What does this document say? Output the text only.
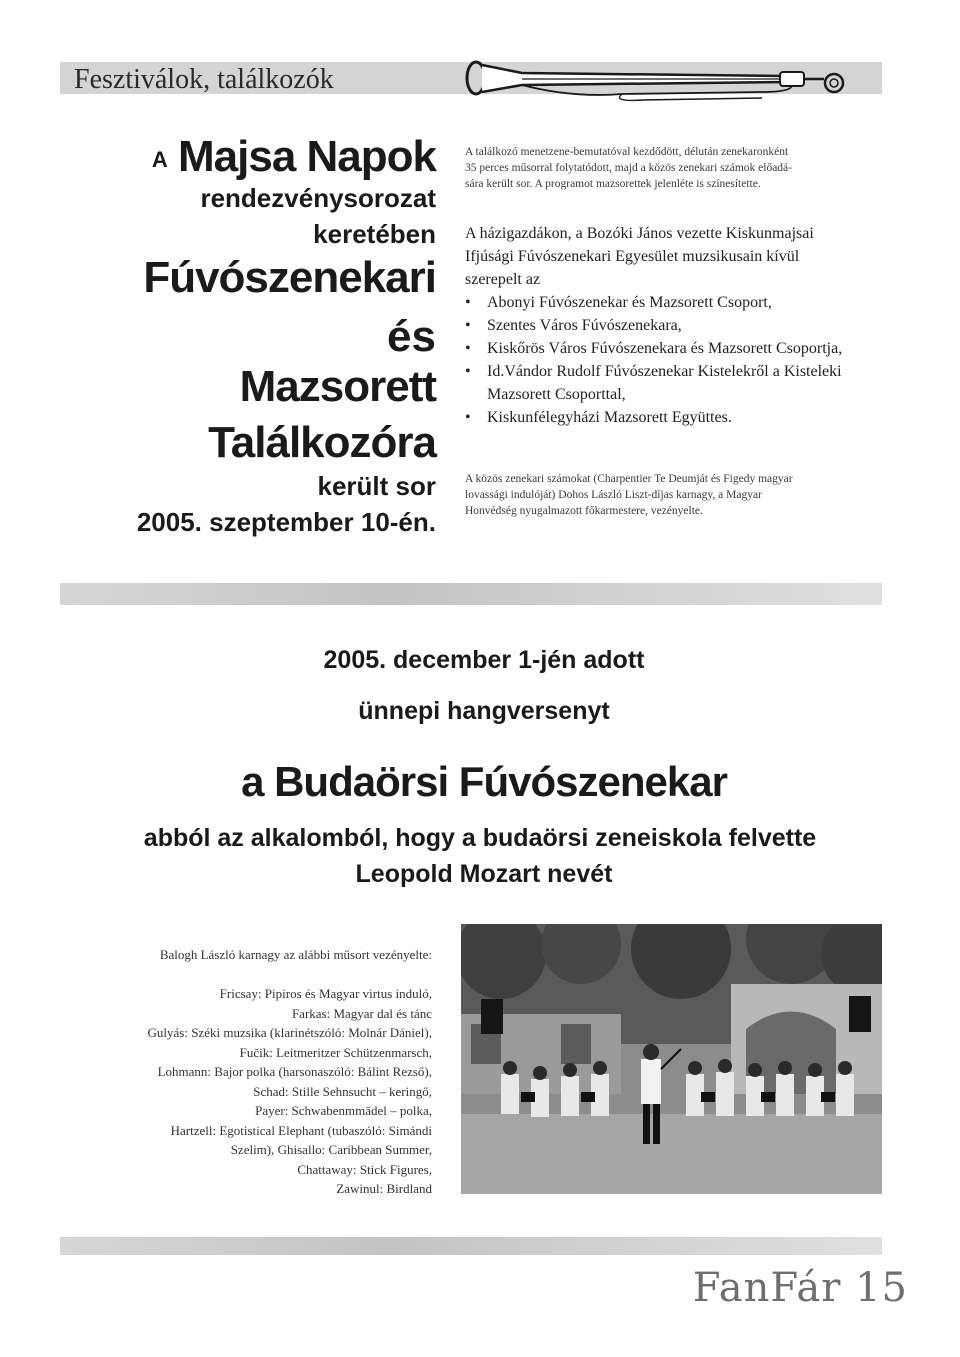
Fesztiválok, találkozók
A Majsa Napok
rendezvénysorozat
keretében
Fúvószenekari
és
Mazsorett
Találkozóra
került sor
2005. szeptember 10-én.
A találkozó menetzene-bemutatóval kezdődött, délután zenekaronként
35 perces műsorral folytatódott, majd a közös zenekari számok előadá-
sára került sor. A programot mazsorettek jelenléte is színesítette.
A házigazdákon, a Bozóki János vezette Kiskunmajsai
Ifjúsági Fúvószenekari Egyesület muzsikusain kívül
szerepelt az
• Abonyi Fúvószenekar és Mazsorett Csoport,
• Szentes Város Fúvószenekara,
• Kiskőrös Város Fúvószenekara és Mazsorett Csoportja,
• Id.Vándor Rudolf Fúvószenekar Kistelekről a Kisteleki Mazsorett Csoporttal,
• Kiskunfélegyházi Mazsorett Együttes.
A közös zenekari számokat (Charpentier Te Deumját és Figedy magyar
lovassági indulóját) Dohos László Liszt-díjas karnagy, a Magyar
Honvédség nyugalmazott főkarmestere, vezényelte.
2005. december 1-jén adott
ünnepi hangversenyt
a Budaörsi Fúvószenekar
abból az alkalomból, hogy a budaörsi zeneiskola felvette
Leopold Mozart nevét
Balogh László karnagy az alábbi műsort vezényelte:
Fricsay: Pipiros és Magyar virtus induló,
Farkas: Magyar dal és tánc
Gulyás: Széki muzsika (klarinétszóló: Molnár Dániel),
Fučik: Leitmeritzer Schützenmarsch,
Lohmann: Bajor polka (harsonaszóló: Bálint Rezső),
Schad: Stille Sehnsucht – keringő,
Payer: Schwabenmmädel – polka,
Hartzell: Egotistical Elephant (tubaszóló: Simándi
Szelim), Ghisallo: Caribbean Summer,
Chattaway: Stick Figures,
Zawinul: Birdland
FanFár 15
